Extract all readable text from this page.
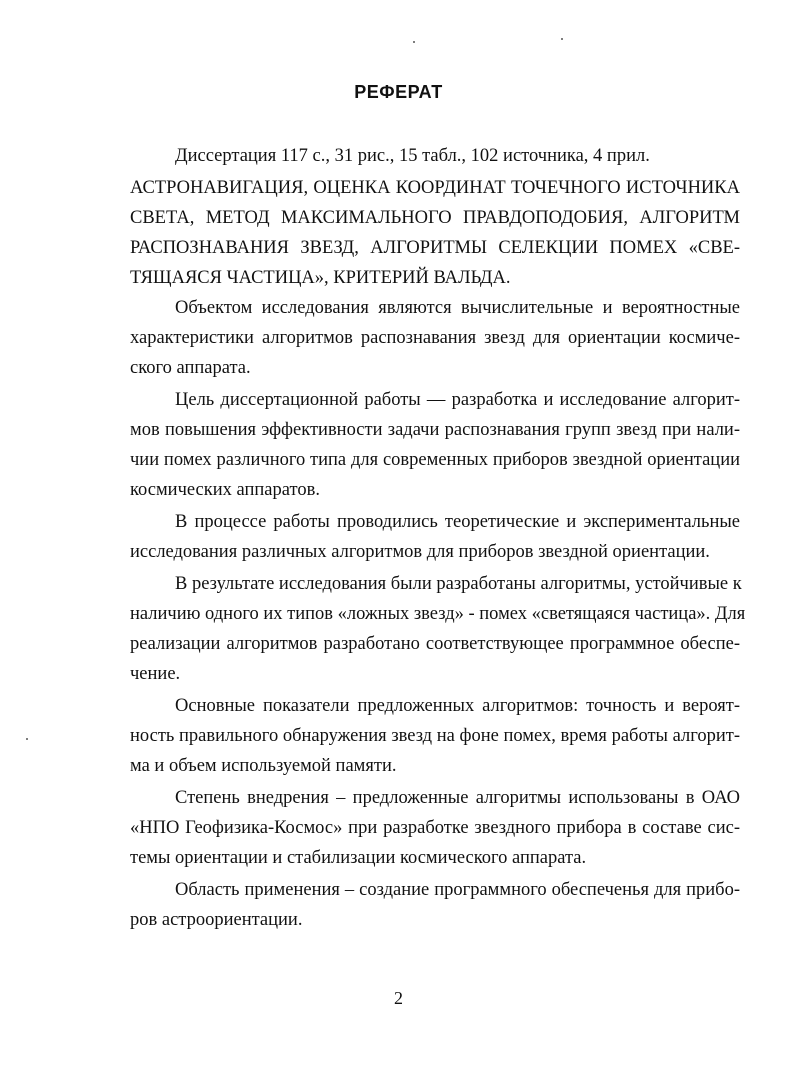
РЕФЕРАТ
Диссертация 117 с., 31 рис., 15 табл., 102 источника, 4 прил.
АСТРОНАВИГАЦИЯ, ОЦЕНКА КООРДИНАТ ТОЧЕЧНОГО ИСТОЧНИКА
СВЕТА, МЕТОД МАКСИМАЛЬНОГО ПРАВДОПОДОБИЯ, АЛГОРИТМ
РАСПОЗНАВАНИЯ ЗВЕЗД, АЛГОРИТМЫ СЕЛЕКЦИИ ПОМЕХ «СВЕ-
ТЯЩАЯСЯ ЧАСТИЦА», КРИТЕРИЙ ВАЛЬДА.
Объектом исследования являются вычислительные и вероятностные
характеристики алгоритмов распознавания звезд для ориентации космиче-
ского аппарата.
Цель диссертационной работы — разработка и исследование алгорит-
мов повышения эффективности задачи распознавания групп звезд при нали-
чии помех различного типа для современных приборов звездной ориентации
космических аппаратов.
В процессе работы проводились теоретические и экспериментальные
исследования различных алгоритмов для приборов звездной ориентации.
В результате исследования были разработаны алгоритмы, устойчивые к
наличию одного их типов «ложных звезд» - помех «светящаяся частица». Для
реализации алгоритмов разработано соответствующее программное обеспе-
чение.
Основные показатели предложенных алгоритмов: точность и вероят-
ность правильного обнаружения звезд на фоне помех, время работы алгорит-
ма и объем используемой памяти.
Степень внедрения – предложенные алгоритмы использованы в ОАО
«НПО Геофизика-Космос» при разработке звездного прибора в составе сис-
темы ориентации и стабилизации космического аппарата.
Область применения – создание программного обеспеченья для прибо-
ров астроориентации.
2
